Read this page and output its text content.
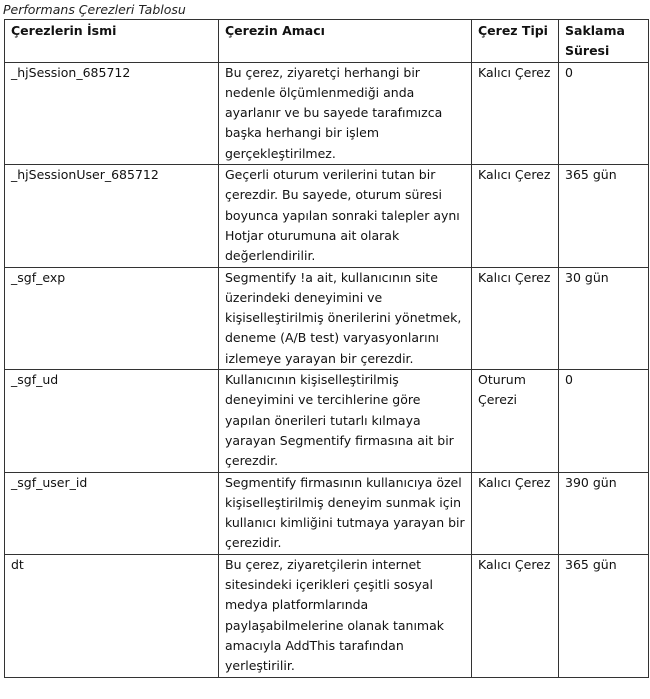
Performans Çerezleri Tablosu
Çerezlerin İsmi	Çerezin Amacı	Çerez Tipi	Saklama Süresi
_hjSession_685712	Bu çerez, ziyaretçi herhangi bir nedenle ölçümlenmediği anda ayarlanır ve bu sayede tarafımızca başka herhangi bir işlem gerçekleştirilmez.	Kalıcı Çerez	0
_hjSessionUser_685712	Geçerli oturum verilerini tutan bir çerezdir. Bu sayede, oturum süresi boyunca yapılan sonraki talepler aynı Hotjar oturumuna ait olarak değerlendirilir.	Kalıcı Çerez	365 gün
_sgf_exp	Segmentify !a ait, kullanıcının site üzerindeki deneyimini ve kişiselleştirilmiş önerilerini yönetmek, deneme (A/B test) varyasyonlarını izlemeye yarayan bir çerezdir.	Kalıcı Çerez	30 gün
_sgf_ud	Kullanıcının kişiselleştirilmiş deneyimini ve tercihlerine göre yapılan önerileri tutarlı kılmaya yarayan Segmentify firmasına ait bir çerezdir.	Oturum Çerezi	0
_sgf_user_id	Segmentify firmasının kullanıcıya özel kişiselleştirilmiş deneyim sunmak için kullanıcı kimliğini tutmaya yarayan bir çerezidir.	Kalıcı Çerez	390 gün
dt	Bu çerez, ziyaretçilerin internet sitesindeki içerikleri çeşitli sosyal medya platformlarında paylaşabilmelerine olanak tanımak amacıyla AddThis tarafından yerleştirilir.	Kalıcı Çerez	365 gün
